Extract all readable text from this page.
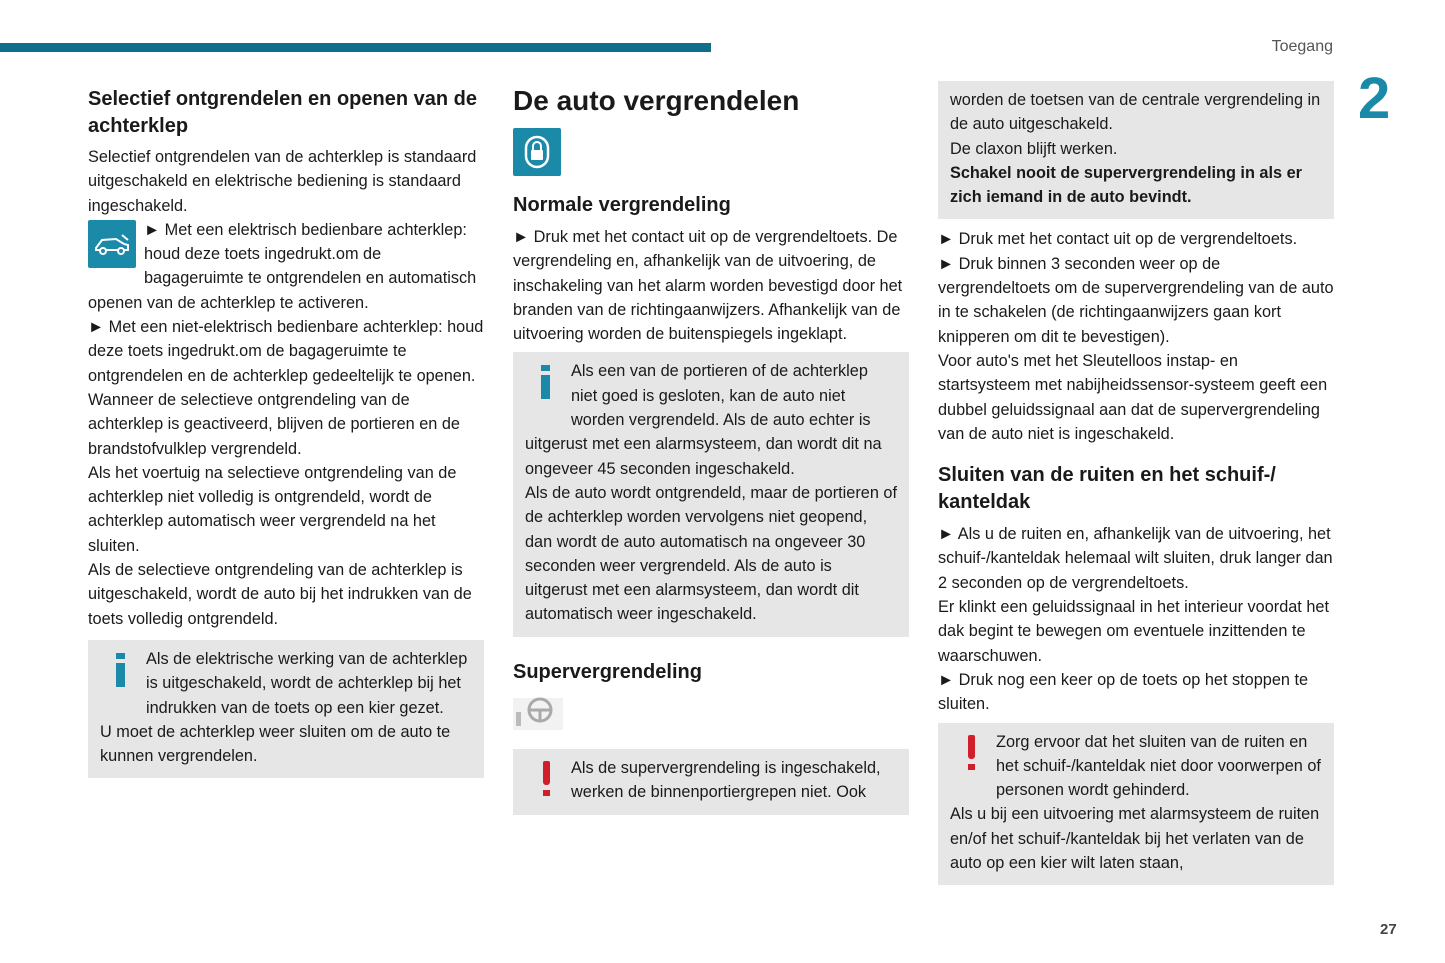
Toegang
2
Selectief ontgrendelen en openen van de achterklep

Selectief ontgrendelen van de achterklep is standaard uitgeschakeld en elektrische bediening is standaard ingeschakeld.

► Met een elektrisch bedienbare achterklep: houd deze toets ingedrukt.om de bagageruimte te ontgrendelen en automatisch openen van de achterklep te activeren.

► Met een niet-elektrisch bedienbare achterklep: houd deze toets ingedrukt.om de bagageruimte te ontgrendelen en de achterklep gedeeltelijk te openen.

Wanneer de selectieve ontgrendeling van de achterklep is geactiveerd, blijven de portieren en de brandstofvulklep vergrendeld.

Als het voertuig na selectieve ontgrendeling van de achterklep niet volledig is ontgrendeld, wordt de achterklep automatisch weer vergrendeld na het sluiten.

Als de selectieve ontgrendeling van de achterklep is uitgeschakeld, wordt de auto bij het indrukken van de toets volledig ontgrendeld.

Als de elektrische werking van de achterklep is uitgeschakeld, wordt de achterklep bij het indrukken van de toets op een kier gezet.

U moet de achterklep weer sluiten om de auto te kunnen vergrendelen.

De auto vergrendelen
Normale vergrendeling

► Druk met het contact uit op de vergrendeltoets. De vergrendeling en, afhankelijk van de uitvoering, de inschakeling van het alarm worden bevestigd door het branden van de richtingaanwijzers. Afhankelijk van de uitvoering worden de buitenspiegels ingeklapt.

Als een van de portieren of de achterklep niet goed is gesloten, kan de auto niet worden vergrendeld. Als de auto echter is uitgerust met een alarmsysteem, dan wordt dit na ongeveer 45 seconden ingeschakeld.

Als de auto wordt ontgrendeld, maar de portieren of de achterklep worden vervolgens niet geopend, dan wordt de auto automatisch na ongeveer 30 seconden weer vergrendeld. Als de auto is uitgerust met een alarmsysteem, dan wordt dit automatisch weer ingeschakeld.

Supervergrendeling

Als de supervergrendeling is ingeschakeld, werken de binnenportiergrepen niet. Ook

worden de toetsen van de centrale vergrendeling in de auto uitgeschakeld.

De claxon blijft werken.

Schakel nooit de supervergrendeling in als er zich iemand in de auto bevindt.

► Druk met het contact uit op de vergrendeltoets.

► Druk binnen 3 seconden weer op de vergrendeltoets om de supervergrendeling van de auto in te schakelen (de richtingaanwijzers gaan kort knipperen om dit te bevestigen).

Voor auto's met het Sleutelloos instap- en startsysteem met nabijheidssensor-systeem geeft een dubbel geluidssignaal aan dat de supervergrendeling van de auto niet is ingeschakeld.

Sluiten van de ruiten en het schuif-/ kanteldak

► Als u de ruiten en, afhankelijk van de uitvoering, het schuif-/kanteldak helemaal wilt sluiten, druk langer dan 2 seconden op de vergrendeltoets.

Er klinkt een geluidssignaal in het interieur voordat het dak begint te bewegen om eventuele inzittenden te waarschuwen.

► Druk nog een keer op de toets op het stoppen te sluiten.

Zorg ervoor dat het sluiten van de ruiten en het schuif-/kanteldak niet door voorwerpen of personen wordt gehinderd.

Als u bij een uitvoering met alarmsysteem de ruiten en/of het schuif-/kanteldak bij het verlaten van de auto op een kier wilt laten staan,

27
